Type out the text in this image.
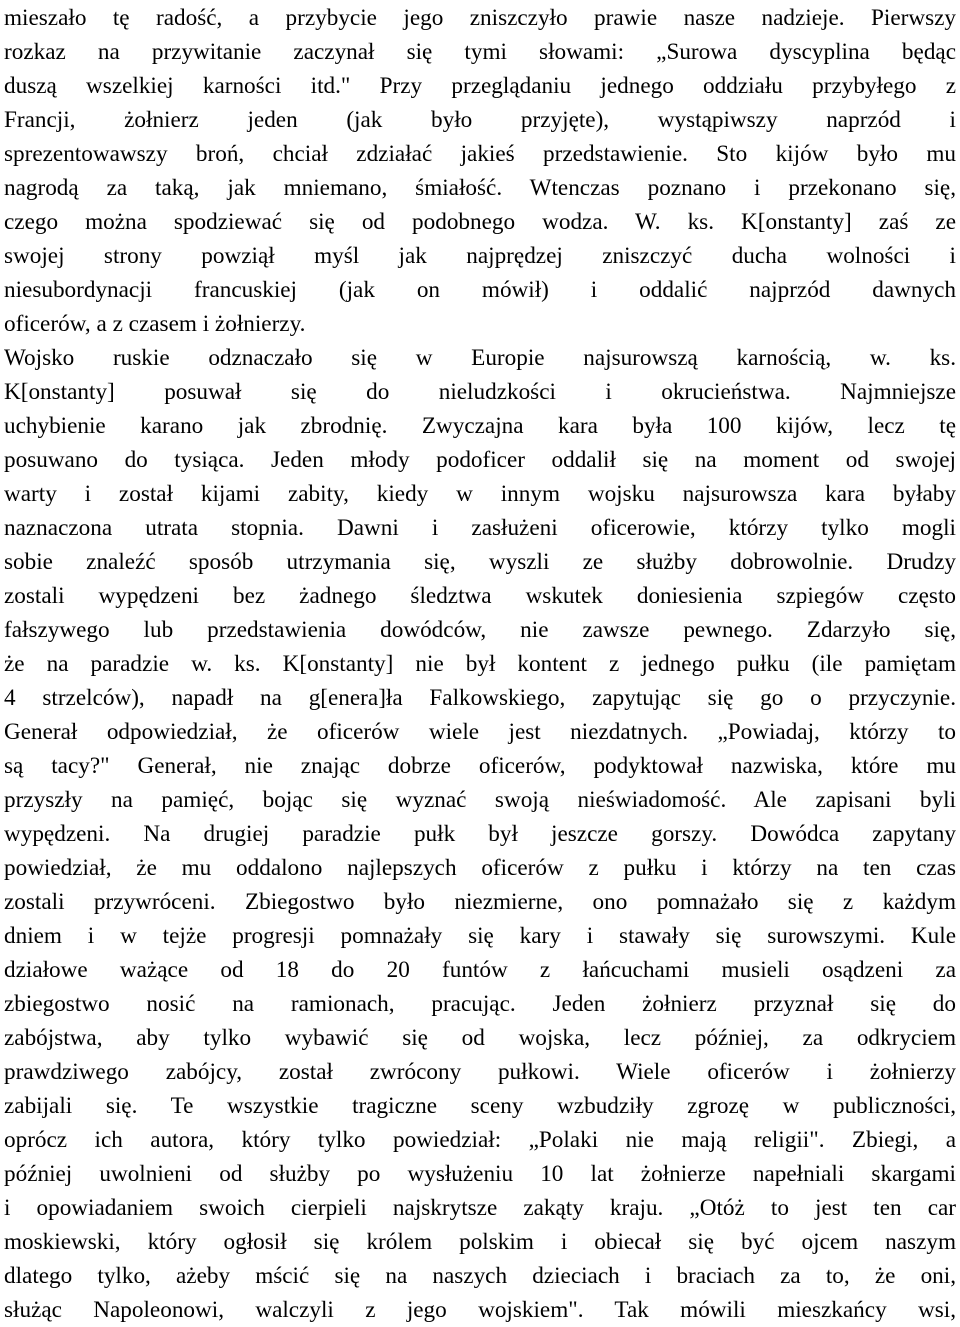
mieszało tę radość, a przybycie jego zniszczyło prawie nasze nadzieje. Pierwszy
rozkaz na przywitanie zaczynał się tymi słowami: „Surowa dyscyplina będąc
duszą wszelkiej karności itd." Przy przeglądaniu jednego oddziału przybyłego z
Francji, żołnierz jeden (jak było przyjęte), wystąpiwszy naprzód i
sprezentowawszy broń, chciał zdziałać jakieś przedstawienie. Sto kijów było mu
nagrodą za taką, jak mniemano, śmiałość. Wtenczas poznano i przekonano się,
czego można spodziewać się od podobnego wodza. W. ks. K[onstanty] zaś ze
swojej strony powziął myśl jak najprędzej zniszczyć ducha wolności i
niesubordynacji francuskiej (jak on mówił) i oddalić najprzód dawnych
oficerów, a z czasem i żołnierzy.
Wojsko ruskie odznaczało się w Europie najsurowszą karnością, w. ks.
K[onstanty] posuwał się do nieludzkości i okrucieństwa. Najmniejsze
uchybienie karano jak zbrodnię. Zwyczajna kara była 100 kijów, lecz tę
posuwano do tysiąca. Jeden młody podoficer oddalił się na moment od swojej
warty i został kijami zabity, kiedy w innym wojsku najsurowsza kara byłaby
naznaczona utrata stopnia. Dawni i zasłużeni oficerowie, którzy tylko mogli
sobie znaleźć sposób utrzymania się, wyszli ze służby dobrowolnie. Drudzy
zostali wypędzeni bez żadnego śledztwa wskutek doniesienia szpiegów często
fałszywego lub przedstawienia dowódców, nie zawsze pewnego. Zdarzyło się,
że na paradzie w. ks. K[onstanty] nie był kontent z jednego pułku (ile pamiętam
4 strzelców), napadł na g[enera]ła Falkowskiego, zapytując się go o przyczynie.
Generał odpowiedział, że oficerów wiele jest niezdatnych. „Powiadaj, którzy to
są tacy?" Generał, nie znając dobrze oficerów, podyktował nazwiska, które mu
przyszły na pamięć, bojąc się wyznać swoją nieświadomość. Ale zapisani byli
wypędzeni. Na drugiej paradzie pułk był jeszcze gorszy. Dowódca zapytany
powiedział, że mu oddalono najlepszych oficerów z pułku i którzy na ten czas
zostali przywróceni. Zbiegostwo było niezmierne, ono pomnażało się z każdym
dniem i w tejże progresji pomnażały się kary i stawały się surowszymi. Kule
działowe ważące od 18 do 20 funtów z łańcuchami musieli osądzeni za
zbiegostwo nosić na ramionach, pracując. Jeden żołnierz przyznał się do
zabójstwa, aby tylko wybawić się od wojska, lecz później, za odkryciem
prawdziwego zabójcy, został zwrócony pułkowi. Wiele oficerów i żołnierzy
zabijali się. Te wszystkie tragiczne sceny wzbudziły zgrozę w publiczności,
oprócz ich autora, który tylko powiedział: „Polaki nie mają religii". Zbiegi, a
później uwolnieni od służby po wysłużeniu 10 lat żołnierze napełniali skargami
i opowiadaniem swoich cierpieli najskrytsze zakąty kraju. „Otóż to jest ten car
moskiewski, który ogłosił się królem polskim i obiecał się być ojcem naszym
dlatego tylko, ażeby mścić się na naszych dzieciach i braciach za to, że oni,
służąc Napoleonowi, walczyli z jego wojskiem". Tak mówili mieszkańcy wsi,
